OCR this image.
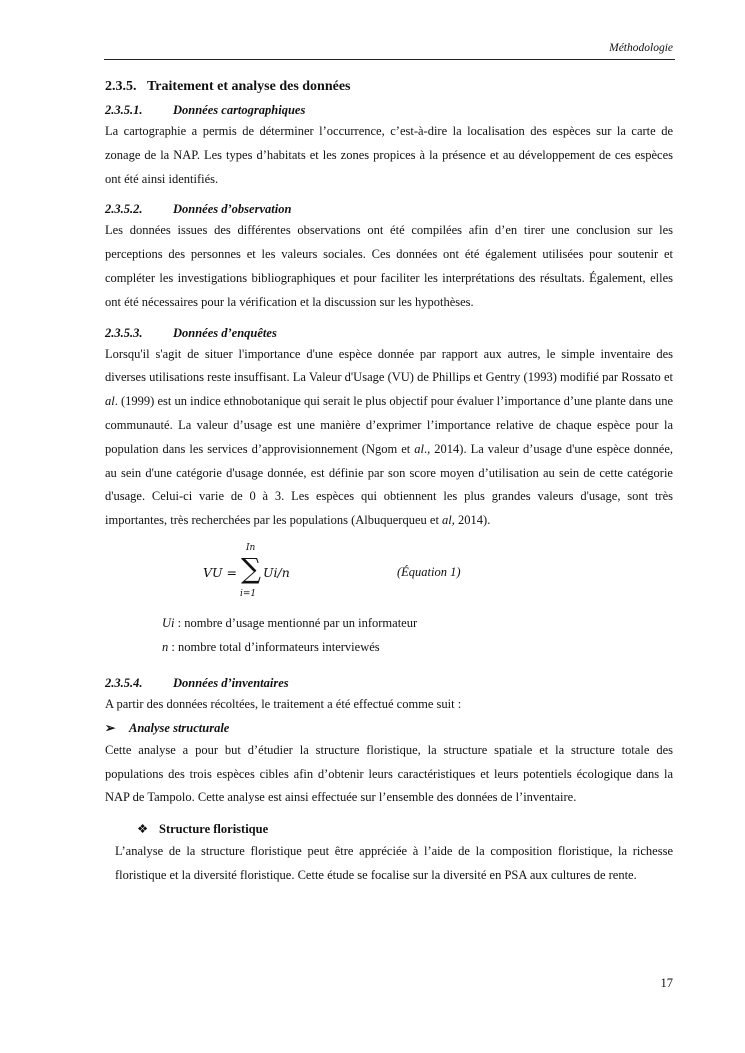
Méthodologie
2.3.5. Traitement et analyse des données
2.3.5.1. Données cartographiques

La cartographie a permis de déterminer l’occurrence, c’est-à-dire la localisation des espèces sur la carte de zonage de la NAP. Les types d’habitats et les zones propices à la présence et au développement de ces espèces ont été ainsi identifiés.

2.3.5.2. Données d’observation

Les données issues des différentes observations ont été compilées afin d’en tirer une conclusion sur les perceptions des personnes et les valeurs sociales. Ces données ont été également utilisées pour soutenir et compléter les investigations bibliographiques et pour faciliter les interprétations des résultats. Également, elles ont été nécessaires pour la vérification et la discussion sur les hypothèses.

2.3.5.3. Données d’enquêtes

Lorsqu'il s'agit de situer l'importance d'une espèce donnée par rapport aux autres, le simple inventaire des diverses utilisations reste insuffisant. La Valeur d'Usage (VU) de Phillips et Gentry (1993) modifié par Rossato et al. (1999) est un indice ethnobotanique qui serait le plus objectif pour évaluer l’importance d’une plante dans une communauté. La valeur d’usage est une manière d’exprimer l’importance relative de chaque espèce pour la population dans les services d’approvisionnement (Ngom et al., 2014). La valeur d’usage d'une espèce donnée, au sein d'une catégorie d'usage donnée, est définie par son score moyen d’utilisation au sein de cette catégorie d'usage. Celui-ci varie de 0 à 3. Les espèces qui obtiennent les plus grandes valeurs d'usage, sont très importantes, très recherchées par les populations (Albuquerqueu et al, 2014).

VU =
In
∑
i=1
Ui/n	(Équation 1)
Ui : nombre d’usage mentionné par un informateur
n : nombre total d’informateurs interviewés
2.3.5.4. Données d’inventaires

A partir des données récoltées, le traitement a été effectué comme suit :

➢ Analyse structurale

Cette analyse a pour but d’étudier la structure floristique, la structure spatiale et la structure totale des populations des trois espèces cibles afin d’obtenir leurs caractéristiques et leurs potentiels écologique dans la NAP de Tampolo. Cette analyse est ainsi effectuée sur l’ensemble des données de l’inventaire.

❖ Structure floristique

L’analyse de la structure floristique peut être appréciée à l’aide de la composition floristique, la richesse floristique et la diversité floristique. Cette étude se focalise sur la diversité en PSA aux cultures de rente.

17
